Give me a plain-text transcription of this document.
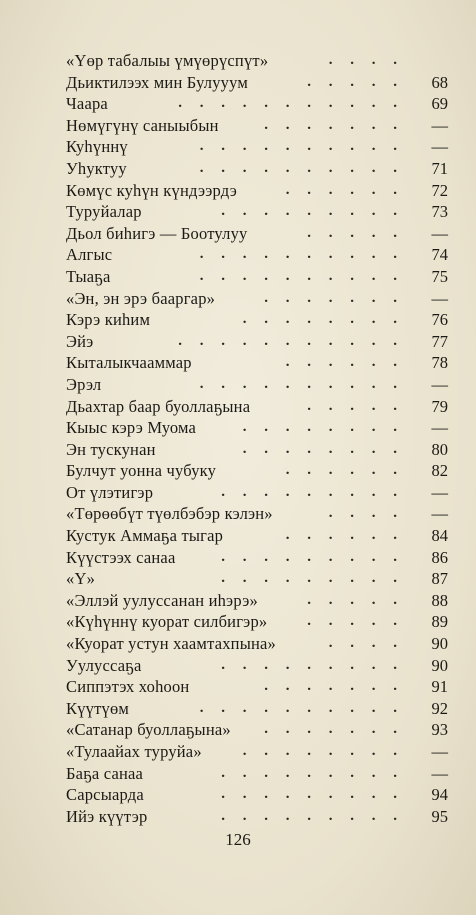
«Үөр табалыы үмүөрүспүт»	. . . .
Дьиктилээх мин Булууум	. . . . .	68
Чаара	. . . . . . . . . . .	69
Нөмүгүнү саныыбын	. . . . . . .	—
Куһүннү	. . . . . . . . . .	—
Уһуктуу	. . . . . . . . . .	71
Көмүс куһүн күндээрдэ	. . . . . .	72
Туруйалар	. . . . . . . . .	73
Дьол биһигэ — Боотулуу	. . . . .	—
Алгыс	. . . . . . . . . .	74
Тыаҕа	. . . . . . . . . .	75
«Эн, эн эрэ бааргар»	. . . . . . .	—
Кэрэ киһим	. . . . . . . .	76
Эйэ	. . . . . . . . . . .	77
Кыталыкчааммар	. . . . . .	78
Эрэл	. . . . . . . . . .	—
Дьахтар баар буоллаҕына	. . . . .	79
Кыыс кэрэ Муома	. . . . . . . .	—
Эн тускунан	. . . . . . . .	80
Булчут уонна чубуку	. . . . . .	82
От үлэтигэр	. . . . . . . . .	—
«Төрөөбүт түөлбэбэр кэлэн»	. . . .	—
Кустук Аммаҕа тыгар	. . . . . .	84
Күүстээх санаа	. . . . . . . . .	86
«Ү»	. . . . . . . . .	87
«Эллэй уулуссанан иһэрэ»	. . . . .	88
«Күһүннү куорат силбигэр»	. . . . .	89
«Куорат устун хаамтахпына»	. . . .	90
Уулуссаҕа	. . . . . . . . .	90
Сиппэтэх хоһоон	. . . . . . .	91
Күүтүөм	. . . . . . . . . .	92
«Сатанар буоллаҕына» . . . . . . .	93
«Тулаайах туруйа»	. . . . . . . .	—
Баҕа санаа	. . . . . . . . .	—
Сарсыарда	. . . . . . . . .	94
Ийэ күүтэр	. . . . . . . . .	95
126
